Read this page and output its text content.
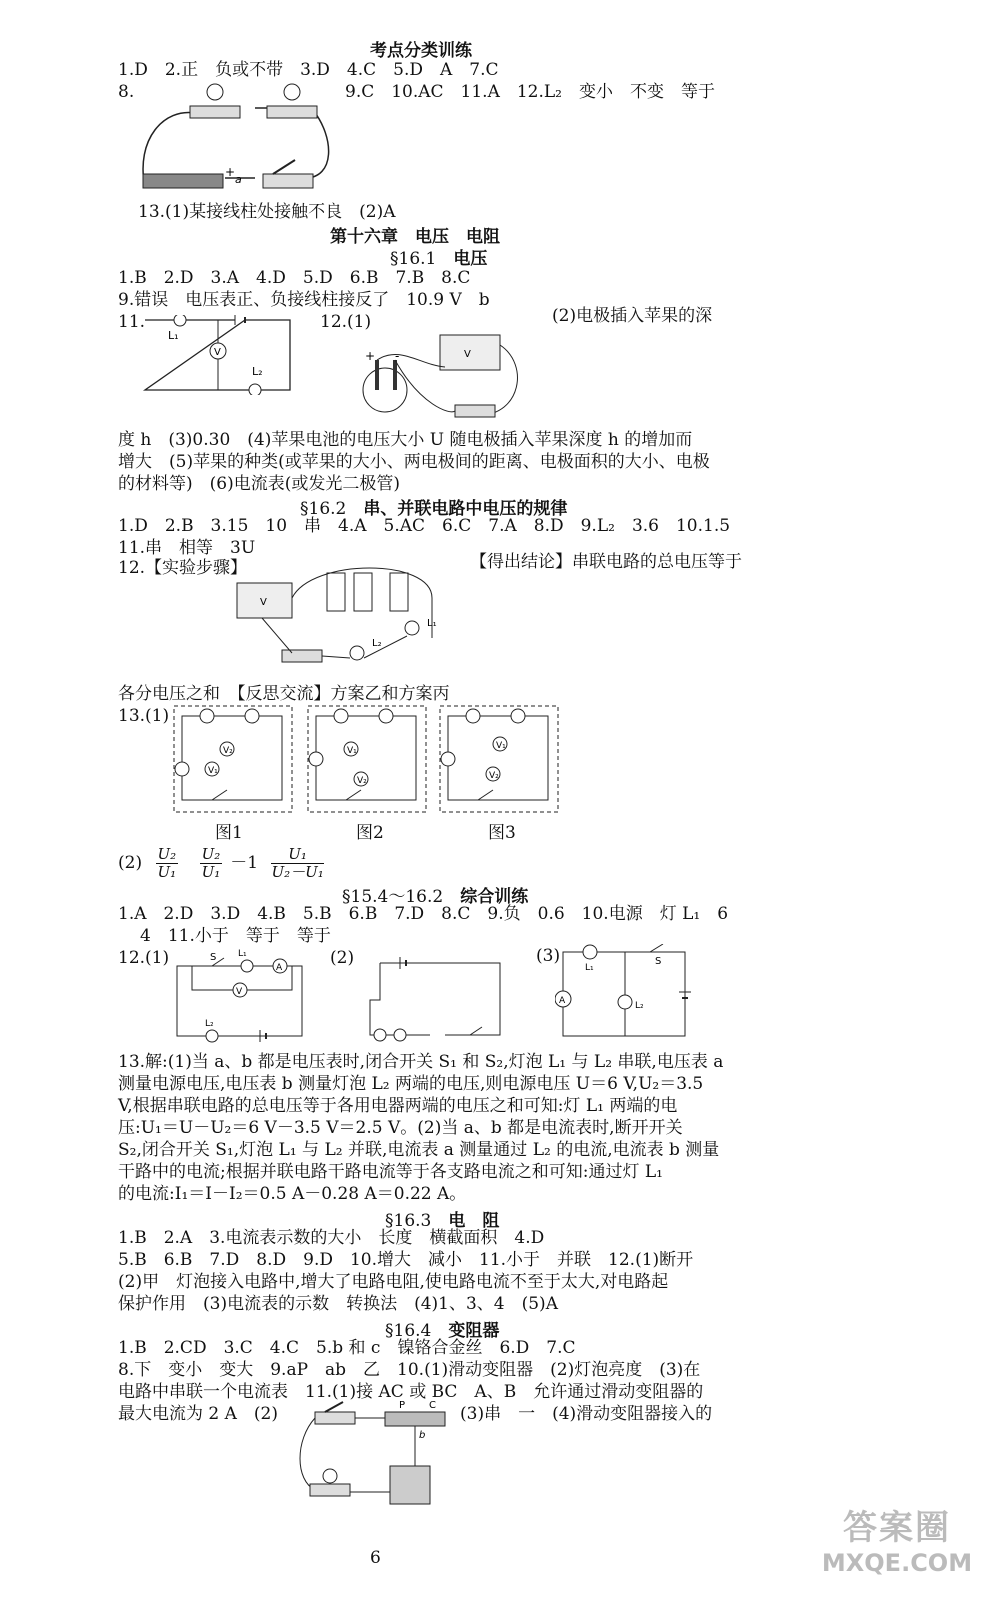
考点分类训练
1.D　2.正　负或不带　3.D　4.C　5.D　A　7.C
8.	9.C　10.AC　11.A　12.L₂　变小　不变　等于
+
a
13.(1)某接线柱处接触不良　(2)A
第十六章　电压　电阻
§16.1　 电压
1.B　2.D　3.A　4.D　5.D　6.B　7.B　8.C
9.错误　电压表正、负接线柱接反了　10.9 V　b
11.	12.(1)	(2)电极插入苹果的深
L₁
V
L₂
+ -	V
度 h　(3)0.30　(4)苹果电池的电压大小 U 随电极插入苹果深度 h 的增加而
增大　(5)苹果的种类(或苹果的大小、两电极间的距离、电极面积的大小、电极
的材料等)　(6)电流表(或发光二极管)
§16.2　 串、并联电路中电压的规律
1.D　2.B　3.15　10　串　4.A　5.AC　6.C　7.A　8.D　9.L₂　3.6　10.1.5
11.串　相等　3U
12.【实验步骤】	【得出结论】串联电路的总电压等于
V
L₂
L₁
各分电压之和　【反思交流】方案乙和方案丙
13.(1)
V₂
V₁
V₁
V₂
V₁
V₂
图1	图2	图3
$(2) \frac{\text{U₂}}{\text{U₁}}$
$\frac{\text{U₂}}{\text{U₁}} -1 \frac{\text{U₁}}{\text{U₂－U₁}}$
§15.4～16.2　 综合训练
1.A　2.D　3.D　4.B　5.B　6.B　7.D　8.C　9.负　0.6　10.电源　灯 L₁　6
4　11.小于　等于　等于
12.(1)	(2)	(3)
S L₁
A
V
L₂
L₁
S
A	L₂
13.解:(1)当 a、b 都是电压表时,闭合开关 S₁ 和 S₂,灯泡 L₁ 与 L₂ 串联,电压表 a
测量电源电压,电压表 b 测量灯泡 L₂ 两端的电压,则电源电压 U＝6 V,U₂＝3.5
V,根据串联电路的总电压等于各用电器两端的电压之和可知:灯 L₁ 两端的电
压:U₁＝U－U₂＝6 V－3.5 V＝2.5 V。(2)当 a、b 都是电流表时,断开开关
S₂,闭合开关 S₁,灯泡 L₁ 与 L₂ 并联,电流表 a 测量通过 L₂ 的电流,电流表 b 测量
干路中的电流;根据并联电路干路电流等于各支路电流之和可知:通过灯 L₁
的电流:I₁＝I－I₂＝0.5 A－0.28 A＝0.22 A。
§16.3　 电　阻
1.B　2.A　3.电流表示数的大小　长度　横截面积　4.D
5.B　6.B　7.D　8.D　9.D　10.增大　减小　11.小于　并联　12.(1)断开
(2)甲　灯泡接入电路中,增大了电路电阻,使电路电流不至于太大,对电路起
保护作用　(3)电流表的示数　转换法　(4)1、3、4　(5)A
§16.4　 变阻器
1.B　2.CD　3.C　4.C　5.b 和 c　镍铬合金丝　6.D　7.C
8.下　变小　变大　9.aP　ab　乙　10.(1)滑动变阻器　(2)灯泡亮度　(3)在
电路中串联一个电流表　11.(1)接 AC 或 BC　A、B　允许通过滑动变阻器的
最大电流为 2 A　(2)	(3)串　一　(4)滑动变阻器接入的
P C
b
6
答案圈
MXQE.COM
